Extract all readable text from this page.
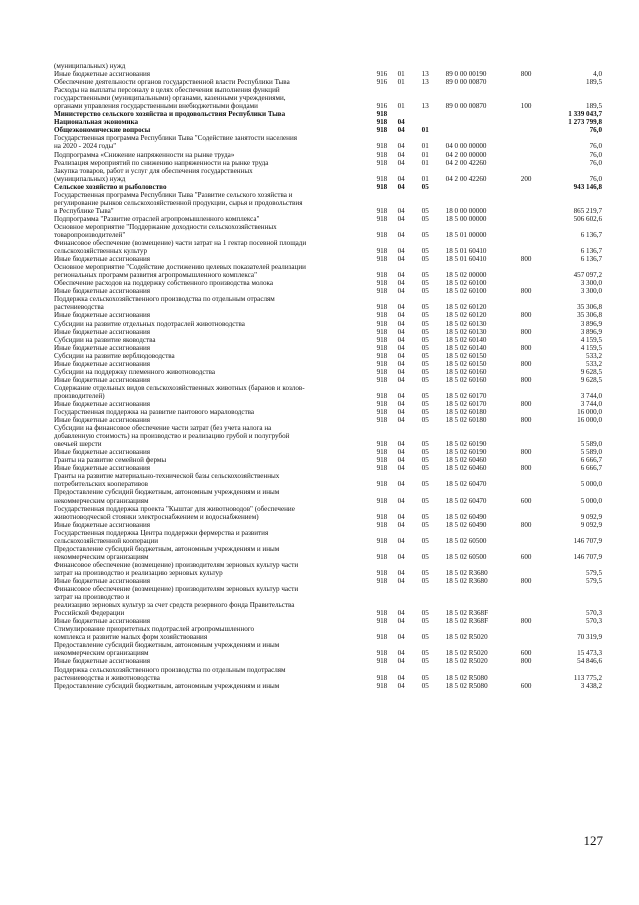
(муниципальных) нужд						
Иные бюджетные ассигнования	916	01	13	89 0 00 00190	800	4,0
Обеспечение деятельности органов государственной власти Республики Тыва	916	01	13	89 0 00 00870		189,5
Расходы на выплаты персоналу в целях обеспечения выполнения функций						
государственными (муниципальными) органами, казенными учреждениями,						
органами управления государственными внебюджетными фондами	916	01	13	89 0 00 00870	100	189,5
Министерство сельского хозяйства и продовольствия Республики Тыва	918					1 339 043,7
Национальная экономика	918	04				1 273 799,8
Общеэкономические вопросы	918	04	01			76,0
Государственная программа Республики Тыва "Содействие занятости населения						
на 2020 - 2024 годы"	918	04	01	04 0 00 00000		76,0
Подпрограмма «Снижение напряженности на рынке труда»	918	04	01	04 2 00 00000		76,0
Реализация мероприятий по снижению напряженности на рынке труда	918	04	01	04 2 00 42260		76,0
Закупка товаров, работ и услуг для обеспечения государственных						
(муниципальных) нужд	918	04	01	04 2 00 42260	200	76,0
Сельское хозяйство и рыболовство	918	04	05			943 146,8
Государственная программа Республики Тыва "Развитие сельского хозяйства и						
регулирование рынков сельскохозяйственной продукции, сырья и продовольствия						
в Республике Тыва"	918	04	05	18 0 00 00000		865 219,7
Подпрограмма "Развитие отраслей агропромышленного комплекса"	918	04	05	18 5 00 00000		506 602,6
Основное мероприятие "Поддержание доходности сельскохозяйственных						
товаропроизводителей"	918	04	05	18 5 01 00000		6 136,7
Финансовое обеспечение (возмещение) части затрат на 1 гектар посевной площади						
сельскохозяйственных культур	918	04	05	18 5 01 60410		6 136,7
Иные бюджетные ассигнования	918	04	05	18 5 01 60410	800	6 136,7
Основное мероприятие "Содействие достижению целевых показателей реализации						
региональных программ развития агропромышленного комплекса"	918	04	05	18 5 02 00000		457 097,2
Обеспечение расходов на поддержку собственного производства молока	918	04	05	18 5 02 60100		3 300,0
Иные бюджетные ассигнования	918	04	05	18 5 02 60100	800	3 300,0
Поддержка сельскохозяйственного производства по отдельным отраслям						
растениеводства	918	04	05	18 5 02 60120		35 306,8
Иные бюджетные ассигнования	918	04	05	18 5 02 60120	800	35 306,8
Субсидии на развитие отдельных подотраслей животноводства	918	04	05	18 5 02 60130		3 896,9
Иные бюджетные ассигнования	918	04	05	18 5 02 60130	800	3 896,9
Субсидии на развитие яководства	918	04	05	18 5 02 60140		4 159,5
Иные бюджетные ассигнования	918	04	05	18 5 02 60140	800	4 159,5
Субсидии на развитие верблюдоводства	918	04	05	18 5 02 60150		533,2
Иные бюджетные ассигнования	918	04	05	18 5 02 60150	800	533,2
Субсидии на поддержку племенного животноводства	918	04	05	18 5 02 60160		9 628,5
Иные бюджетные ассигнования	918	04	05	18 5 02 60160	800	9 628,5
Содержание отдельных видов сельскохозяйственных животных (баранов и козлов-						
производителей)	918	04	05	18 5 02 60170		3 744,0
Иные бюджетные ассигнования	918	04	05	18 5 02 60170	800	3 744,0
Государственная поддержка на развитие пантового мараловодства	918	04	05	18 5 02 60180		16 000,0
Иные бюджетные ассигнования	918	04	05	18 5 02 60180	800	16 000,0
Субсидии на финансовое обеспечение части затрат (без учета налога на						
добавленную стоимость) на производство и реализацию грубой и полугрубой						
овечьей шерсти	918	04	05	18 5 02 60190		5 589,0
Иные бюджетные ассигнования	918	04	05	18 5 02 60190	800	5 589,0
Гранты на развитие семейной фермы	918	04	05	18 5 02 60460		6 666,7
Иные бюджетные ассигнования	918	04	05	18 5 02 60460	800	6 666,7
Гранты на развитие материально-технической базы сельскохозяйственных						
потребительских кооперативов	918	04	05	18 5 02 60470		5 000,0
Предоставление субсидий бюджетным, автономным учреждениям и иным						
некоммерческим организациям	918	04	05	18 5 02 60470	600	5 000,0
Государственная поддержка проекта "Кыштаг для животноводов" (обеспечение						
животноводческой стоянки электроснабжением и водоснабжением)	918	04	05	18 5 02 60490		9 092,9
Иные бюджетные ассигнования	918	04	05	18 5 02 60490	800	9 092,9
Государственная поддержка Центра поддержки фермерства и развития						
сельскохозяйственной кооперации	918	04	05	18 5 02 60500		146 707,9
Предоставление субсидий бюджетным, автономным учреждениям и иным						
некоммерческим организациям	918	04	05	18 5 02 60500	600	146 707,9
Финансовое обеспечение (возмещение) производителям зерновых культур части						
затрат на производство и реализацию зерновых культур	918	04	05	18 5 02 R3680		579,5
Иные бюджетные ассигнования	918	04	05	18 5 02 R3680	800	579,5
Финансовое обеспечение (возмещение) производителям зерновых культур части						
затрат на производство и						
реализацию зерновых культур за счет средств резервного фонда Правительства						
Российской Федерации	918	04	05	18 5 02 R368F		570,3
Иные бюджетные ассигнования	918	04	05	18 5 02 R368F	800	570,3
Стимулирование приоритетных подотраслей агропромышленного						
комплекса и развитие малых форм хозяйствования	918	04	05	18 5 02 R5020		70 319,9
Предоставление субсидий бюджетным, автономным учреждениям и иным						
некоммерческим организациям	918	04	05	18 5 02 R5020	600	15 473,3
Иные бюджетные ассигнования	918	04	05	18 5 02 R5020	800	54 846,6
Поддержка сельскохозяйственного производства по отдельным подотраслям						
растениеводства и животноводства	918	04	05	18 5 02 R5080		113 775,2
Предоставление субсидий бюджетным, автономным учреждениям и иным	918	04	05	18 5 02 R5080	600	3 438,2
127
